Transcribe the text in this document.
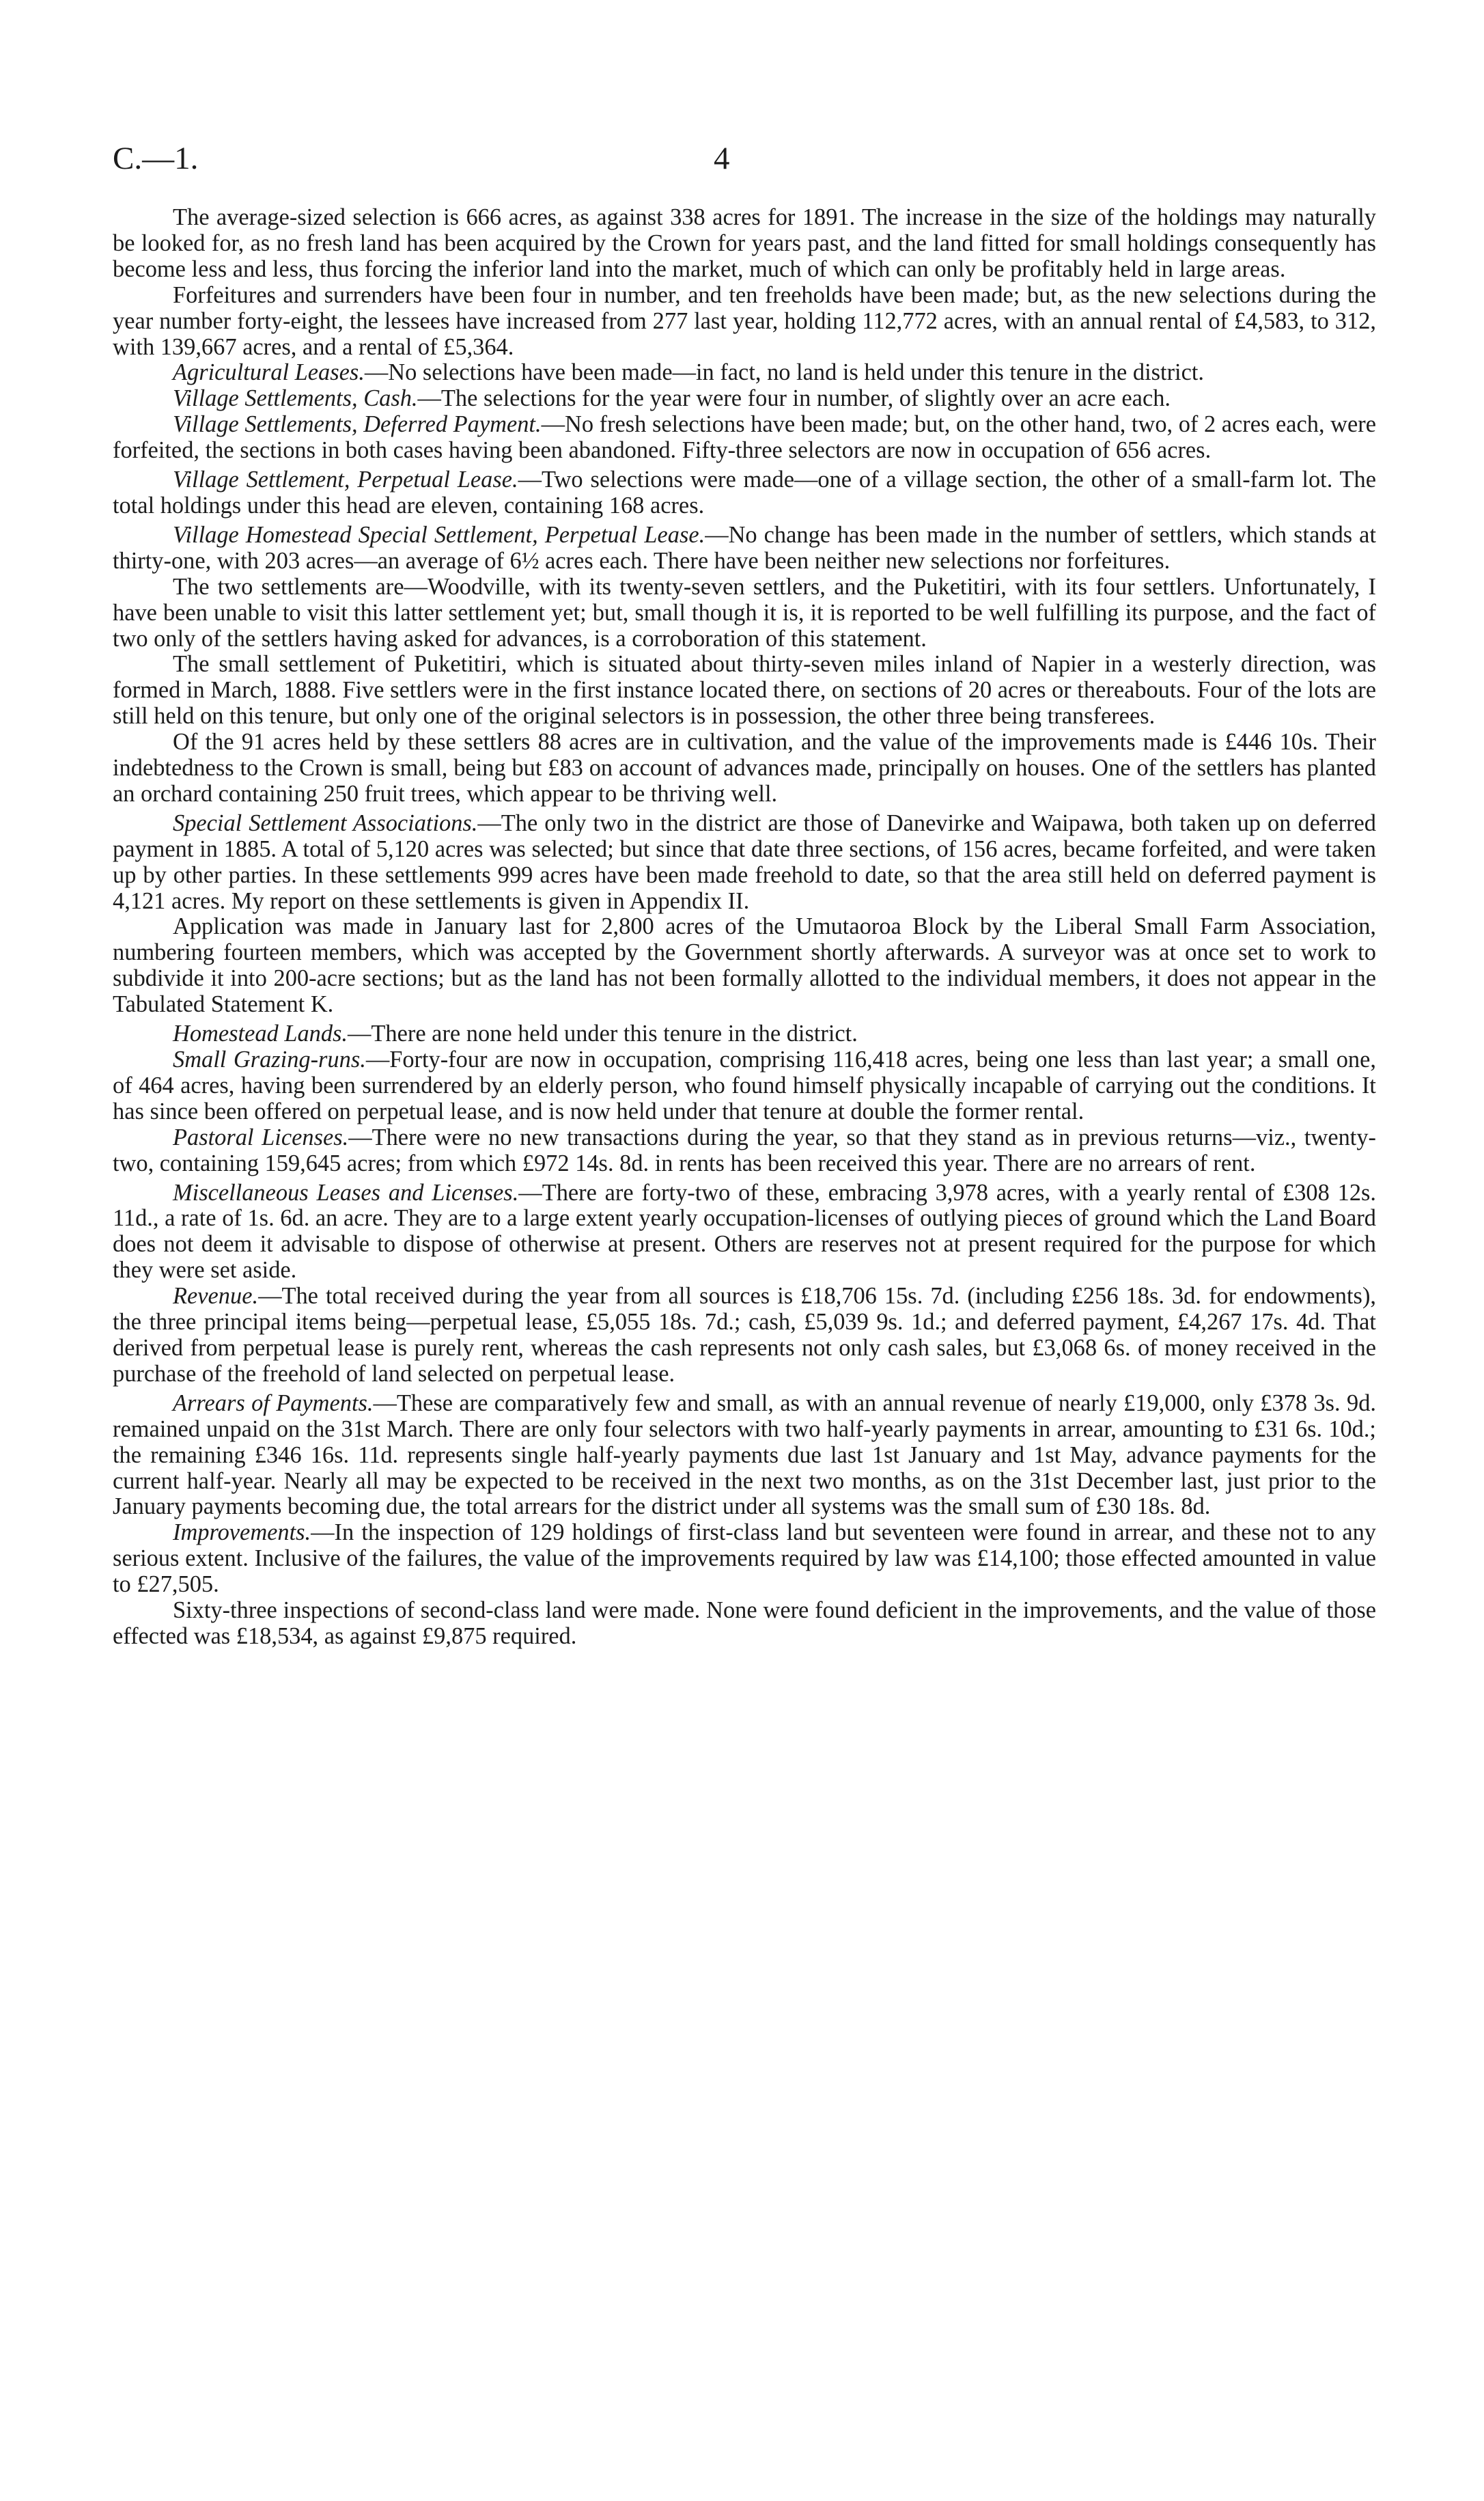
C.—1.	4

The average-sized selection is 666 acres, as against 338 acres for 1891. The increase in the size of the holdings may naturally be looked for, as no fresh land has been acquired by the Crown for years past, and the land fitted for small holdings consequently has become less and less, thus forcing the inferior land into the market, much of which can only be profitably held in large areas.

Forfeitures and surrenders have been four in number, and ten freeholds have been made; but, as the new selections during the year number forty-eight, the lessees have increased from 277 last year, holding 112,772 acres, with an annual rental of £4,583, to 312, with 139,667 acres, and a rental of £5,364.

Agricultural Leases.—No selections have been made—in fact, no land is held under this tenure in the district.

Village Settlements, Cash.—The selections for the year were four in number, of slightly over an acre each.

Village Settlements, Deferred Payment.—No fresh selections have been made; but, on the other hand, two, of 2 acres each, were forfeited, the sections in both cases having been abandoned. Fifty-three selectors are now in occupation of 656 acres.

Village Settlement, Perpetual Lease.—Two selections were made—one of a village section, the other of a small-farm lot. The total holdings under this head are eleven, containing 168 acres.

Village Homestead Special Settlement, Perpetual Lease.—No change has been made in the number of settlers, which stands at thirty-one, with 203 acres—an average of 6½ acres each. There have been neither new selections nor forfeitures.

The two settlements are—Woodville, with its twenty-seven settlers, and the Puketitiri, with its four settlers. Unfortunately, I have been unable to visit this latter settlement yet; but, small though it is, it is reported to be well fulfilling its purpose, and the fact of two only of the settlers having asked for advances, is a corroboration of this statement.

The small settlement of Puketitiri, which is situated about thirty-seven miles inland of Napier in a westerly direction, was formed in March, 1888. Five settlers were in the first instance located there, on sections of 20 acres or thereabouts. Four of the lots are still held on this tenure, but only one of the original selectors is in possession, the other three being transferees.

Of the 91 acres held by these settlers 88 acres are in cultivation, and the value of the improvements made is £446 10s. Their indebtedness to the Crown is small, being but £83 on account of advances made, principally on houses. One of the settlers has planted an orchard containing 250 fruit trees, which appear to be thriving well.

Special Settlement Associations.—The only two in the district are those of Danevirke and Waipawa, both taken up on deferred payment in 1885. A total of 5,120 acres was selected; but since that date three sections, of 156 acres, became forfeited, and were taken up by other parties. In these settlements 999 acres have been made freehold to date, so that the area still held on deferred payment is 4,121 acres. My report on these settlements is given in Appendix II.

Application was made in January last for 2,800 acres of the Umutaoroa Block by the Liberal Small Farm Association, numbering fourteen members, which was accepted by the Government shortly afterwards. A surveyor was at once set to work to subdivide it into 200-acre sections; but as the land has not been formally allotted to the individual members, it does not appear in the Tabulated Statement K.

Homestead Lands.—There are none held under this tenure in the district.

Small Grazing-runs.—Forty-four are now in occupation, comprising 116,418 acres, being one less than last year; a small one, of 464 acres, having been surrendered by an elderly person, who found himself physically incapable of carrying out the conditions. It has since been offered on perpetual lease, and is now held under that tenure at double the former rental.

Pastoral Licenses.—There were no new transactions during the year, so that they stand as in previous returns—viz., twenty-two, containing 159,645 acres; from which £972 14s. 8d. in rents has been received this year. There are no arrears of rent.

Miscellaneous Leases and Licenses.—There are forty-two of these, embracing 3,978 acres, with a yearly rental of £308 12s. 11d., a rate of 1s. 6d. an acre. They are to a large extent yearly occupation-licenses of outlying pieces of ground which the Land Board does not deem it advisable to dispose of otherwise at present. Others are reserves not at present required for the purpose for which they were set aside.

Revenue.—The total received during the year from all sources is £18,706 15s. 7d. (including £256 18s. 3d. for endowments), the three principal items being—perpetual lease, £5,055 18s. 7d.; cash, £5,039 9s. 1d.; and deferred payment, £4,267 17s. 4d. That derived from perpetual lease is purely rent, whereas the cash represents not only cash sales, but £3,068 6s. of money received in the purchase of the freehold of land selected on perpetual lease.

Arrears of Payments.—These are comparatively few and small, as with an annual revenue of nearly £19,000, only £378 3s. 9d. remained unpaid on the 31st March. There are only four selectors with two half-yearly payments in arrear, amounting to £31 6s. 10d.; the remaining £346 16s. 11d. represents single half-yearly payments due last 1st January and 1st May, advance payments for the current half-year. Nearly all may be expected to be received in the next two months, as on the 31st December last, just prior to the January payments becoming due, the total arrears for the district under all systems was the small sum of £30 18s. 8d.

Improvements.—In the inspection of 129 holdings of first-class land but seventeen were found in arrear, and these not to any serious extent. Inclusive of the failures, the value of the improvements required by law was £14,100; those effected amounted in value to £27,505.

Sixty-three inspections of second-class land were made. None were found deficient in the improvements, and the value of those effected was £18,534, as against £9,875 required.
